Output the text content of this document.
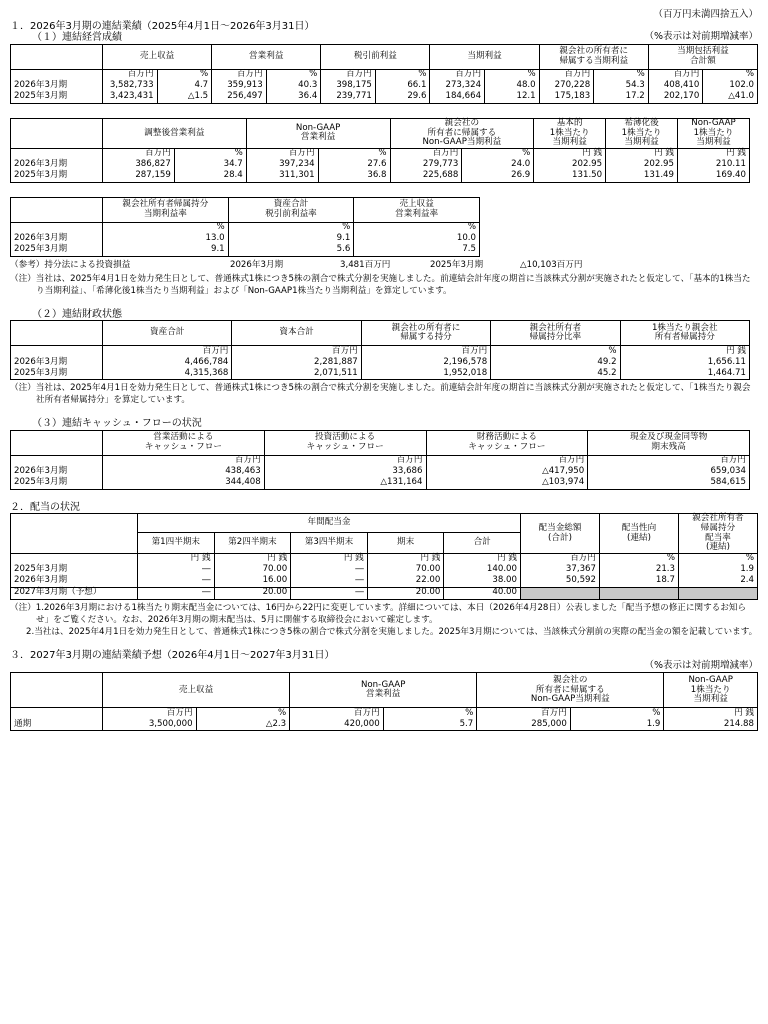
（百万円未満四捨五入）
１．2026年3月期の連結業績（2025年4月1日～2026年3月31日）
（１）連結経営成績	（%表示は対前期増減率）
	売上収益		営業利益		税引前利益		当期利益		親会社の所有者に
帰属する当期利益		当期包括利益
合計額	
	百万円	%	百万円	%	百万円	%	百万円	%	百万円	%	百万円	%
2026年3月期	3,582,733	4.7	359,913	40.3	398,175	66.1	273,324	48.0	270,228	54.3	408,410	102.0
2025年3月期	3,423,431	△1.5	256,497	36.4	239,771	29.6	184,664	12.1	175,183	17.2	202,170	△41.0
	調整後営業利益		Non-GAAP
営業利益		親会社の
所有者に帰属する
Non-GAAP当期利益		基本的
1株当たり
当期利益	希薄化後
1株当たり
当期利益	Non-GAAP
1株当たり
当期利益
	百万円	%	百万円	%	百万円	%	円 銭	円 銭	円 銭
2026年3月期	386,827	34.7	397,234	27.6	279,773	24.0	202.95	202.95	210.11
2025年3月期	287,159	28.4	311,301	36.8	225,688	26.9	131.50	131.49	169.40
	親会社所有者帰属持分
当期利益率	資産合計
税引前利益率	売上収益
営業利益率
	%	%	%
2026年3月期	13.0	9.1	10.0
2025年3月期	9.1	5.6	7.5
（参考）持分法による投資損益	2026年3月期	3,481百万円	2025年3月期	△10,103百万円

（注）当社は、2025年4月1日を効力発生日として、普通株式1株につき5株の割合で株式分割を実施しました。前連結会計年度の期首に当該株式分割が実施されたと仮定して、「基本的1株当たり当期利益」、「希薄化後1株当たり当期利益」および「Non-GAAP1株当たり当期利益」を算定しています。

（２）連結財政状態
	資産合計	資本合計	親会社の所有者に
帰属する持分	親会社所有者
帰属持分比率	1株当たり親会社
所有者帰属持分
	百万円	百万円	百万円	%	円 銭
2026年3月期	4,466,784	2,281,887	2,196,578	49.2	1,656.11
2025年3月期	4,315,368	2,071,511	1,952,018	45.2	1,464.71

（注）当社は、2025年4月1日を効力発生日として、普通株式1株につき5株の割合で株式分割を実施しました。前連結会計年度の期首に当該株式分割が実施されたと仮定して、「1株当たり親会社所有者帰属持分」を算定しています。

（３）連結キャッシュ・フローの状況
	営業活動による
キャッシュ・フロー	投資活動による
キャッシュ・フロー	財務活動による
キャッシュ・フロー	現金及び現金同等物
期末残高
	百万円	百万円	百万円	百万円
2026年3月期	438,463	33,686	△417,950	659,034
2025年3月期	344,408	△131,164	△103,974	584,615
２．配当の状況
	年間配当金					配当金総額
(合計)	配当性向
(連結)	親会社所有者
帰属持分
配当率
(連結)
	第1四半期末	第2四半期末	第3四半期末	期末	合計			
	円 銭	円 銭	円 銭	円 銭	円 銭	百万円	%	%
2025年3月期	―	70.00	―	70.00	140.00	37,367	21.3	1.9
2026年3月期	―	16.00	―	22.00	38.00	50,592	18.7	2.4
2027年3月期（予想）	―	20.00	―	20.00	40.00			

（注）1.2026年3月期における1株当たり期末配当金については、16円から22円に変更しています。詳細については、本日（2026年4月28日）公表しました「配当予想の修正に関するお知らせ」をご覧ください。なお、2026年3月期の期末配当は、5月に開催する取締役会において確定します。

2.当社は、2025年4月1日を効力発生日として、普通株式1株につき5株の割合で株式分割を実施しました。2025年3月期については、当該株式分割前の実際の配当金の額を記載しています。

３．2027年3月期の連結業績予想（2026年4月1日～2027年3月31日）
（%表示は対前期増減率）
	売上収益		Non-GAAP
営業利益		親会社の
所有者に帰属する
Non-GAAP当期利益		Non-GAAP
1株当たり
当期利益
	百万円	%	百万円	%	百万円	%	円 銭
通期	3,500,000	△2.3	420,000	5.7	285,000	1.9	214.88
